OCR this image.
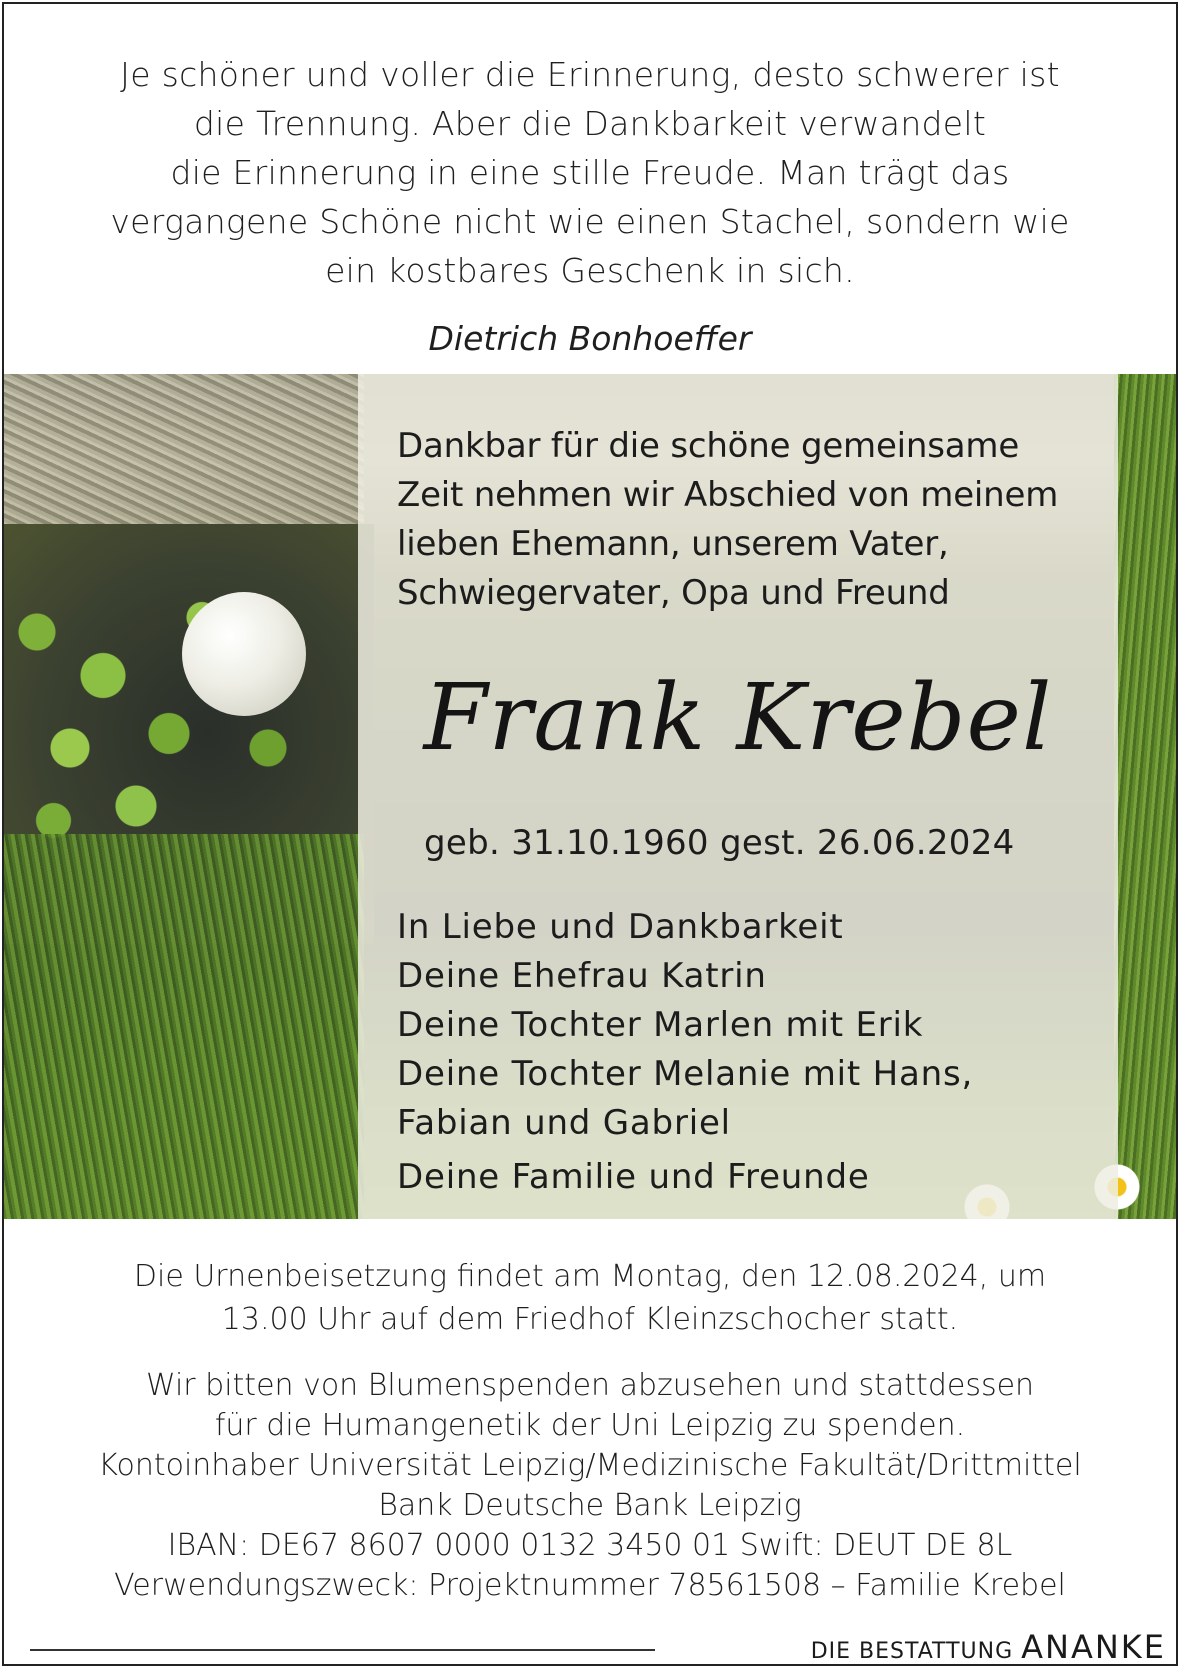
Je schöner und voller die Erinnerung, desto schwerer ist
die Trennung. Aber die Dankbarkeit verwandelt
die Erinnerung in eine stille Freude. Man trägt das
vergangene Schöne nicht wie einen Stachel, sondern wie
ein kostbares Geschenk in sich.
Dietrich Bonhoeffer
Dankbar für die schöne gemeinsame
Zeit nehmen wir Abschied von meinem
lieben Ehemann, unserem Vater,
Schwiegervater, Opa und Freund
Frank Krebel
geb. 31.10.1960 gest. 26.06.2024
In Liebe und Dankbarkeit
Deine Ehefrau Katrin
Deine Tochter Marlen mit Erik
Deine Tochter Melanie mit Hans,
Fabian und Gabriel
Deine Familie und Freunde
Die Urnenbeisetzung findet am Montag, den 12.08.2024, um
13.00 Uhr auf dem Friedhof Kleinzschocher statt.
Wir bitten von Blumenspenden abzusehen und stattdessen
für die Humangenetik der Uni Leipzig zu spenden.
Kontoinhaber Universität Leipzig/Medizinische Fakultät/Drittmittel
Bank Deutsche Bank Leipzig
IBAN: DE67 8607 0000 0132 3450 01 Swift: DEUT DE 8L
Verwendungszweck: Projektnummer 78561508 – Familie Krebel
DIE BESTATTUNG ANANKE
